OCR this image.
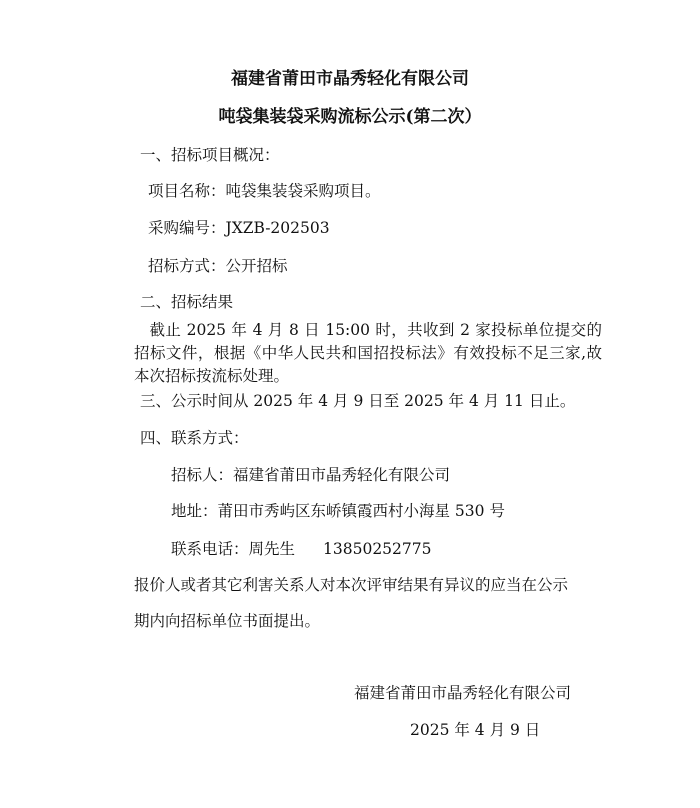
福建省莆田市晶秀轻化有限公司
吨袋集装袋采购流标公示(第二次）
一、招标项目概况：
项目名称：吨袋集装袋采购项目。
采购编号：JXZB-202503
招标方式：公开招标
二、招标结果
截止 2025 年 4 月 8 日 15:00 时，共收到 2 家投标单位提交的招标文件，根据《中华人民共和国招投标法》有效投标不足三家,故本次招标按流标处理。
三、公示时间从 2025 年 4 月 9 日至 2025 年 4 月 11 日止。
四、联系方式：
招标人：福建省莆田市晶秀轻化有限公司
地址：莆田市秀屿区东峤镇霞西村小海星 530 号
联系电话：周先生 13850252775
报价人或者其它利害关系人对本次评审结果有异议的应当在公示
期内向招标单位书面提出。
福建省莆田市晶秀轻化有限公司
2025 年 4 月 9 日
